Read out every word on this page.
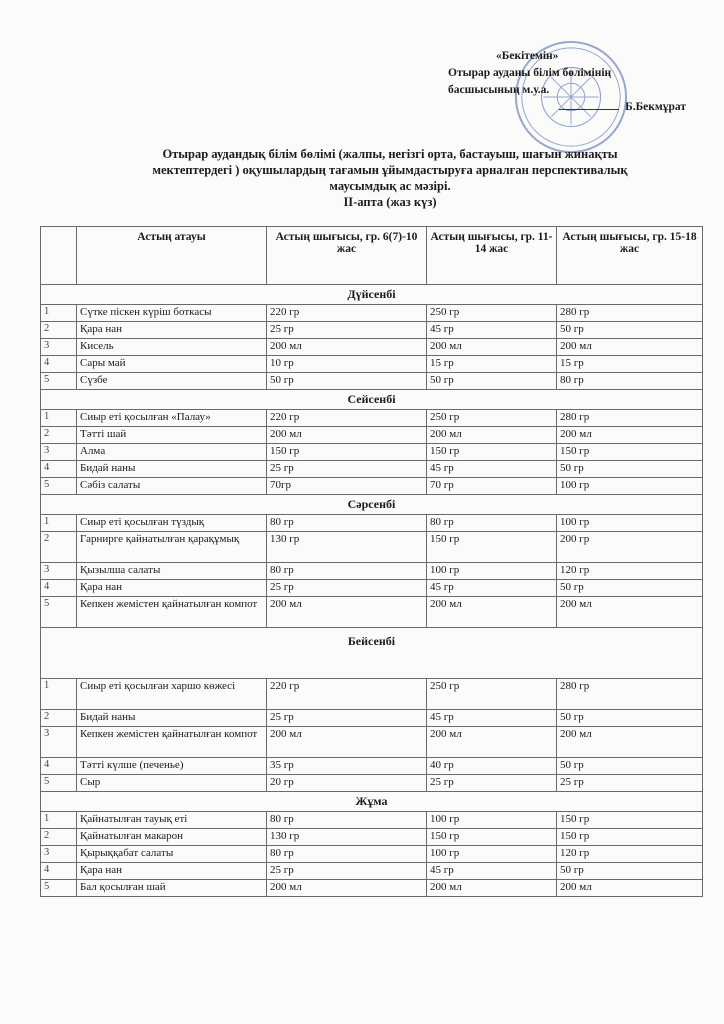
«Бекітемін»
Отырар ауданы білім бөлімінің
басшысының м.у.а.
Б.Бекмұрат
Отырар аудандық білім бөлімі (жалпы, негізгі орта, бастауыш, шағын жинақты
мектептердегі ) оқушылардың тағамын ұйымдастыруға арналған перспективалық
маусымдық ас мәзірі.
ІІ-апта (жаз күз)
	Астың атауы	Астың шығысы, гр. 6(7)-10 жас	Астың шығысы, гр. 11-14 жас	Астың шығысы, гр. 15-18 жас
Дүйсенбі				
1	Сүтке піскен күріш боткасы	220 гр	250 гр	280 гр
2	Қара нан	25 гр	45 гр	50 гр
3	Кисель	200 мл	200 мл	200 мл
4	Сары май	10 гр	15 гр	15 гр
5	Сүзбе	50 гр	50 гр	80 гр
Сейсенбі				
1	Сиыр еті қосылған «Палау»	220 гр	250 гр	280 гр
2	Тәтті шай	200 мл	200 мл	200 мл
3	Алма	150 гр	150 гр	150 гр
4	Бидай наны	25 гр	45 гр	50 гр
5	Сәбіз салаты	70гр	70 гр	100 гр
Сәрсенбі				
1	Сиыр еті қосылған түздық	80 гр	80 гр	100 гр
2	Гарнирге қайнатылған қарақұмық	130 гр	150 гр	200 гр
3	Қызылша салаты	80 гр	100 гр	120 гр
4	Қара нан	25 гр	45 гр	50 гр
5	Кепкен жемістен қайнатылған компот	200 мл	200 мл	200 мл
Бейсенбі				
1	Сиыр еті қосылған харшо көжесі	220 гр	250 гр	280 гр
2	Бидай наны	25 гр	45 гр	50 гр
3	Кепкен жемістен қайнатылған компот	200 мл	200 мл	200 мл
4	Тәтті күлше (печенье)	35 гр	40 гр	50 гр
5	Сыр	20 гр	25 гр	25 гр
Жұма				
1	Қайнатылған тауық еті	80 гр	100 гр	150 гр
2	Қайнатылған макарон	130 гр	150 гр	150 гр
3	Қырыққабат салаты	80 гр	100 гр	120 гр
4	Қара нан	25 гр	45 гр	50 гр
5	Бал қосылған шай	200 мл	200 мл	200 мл
